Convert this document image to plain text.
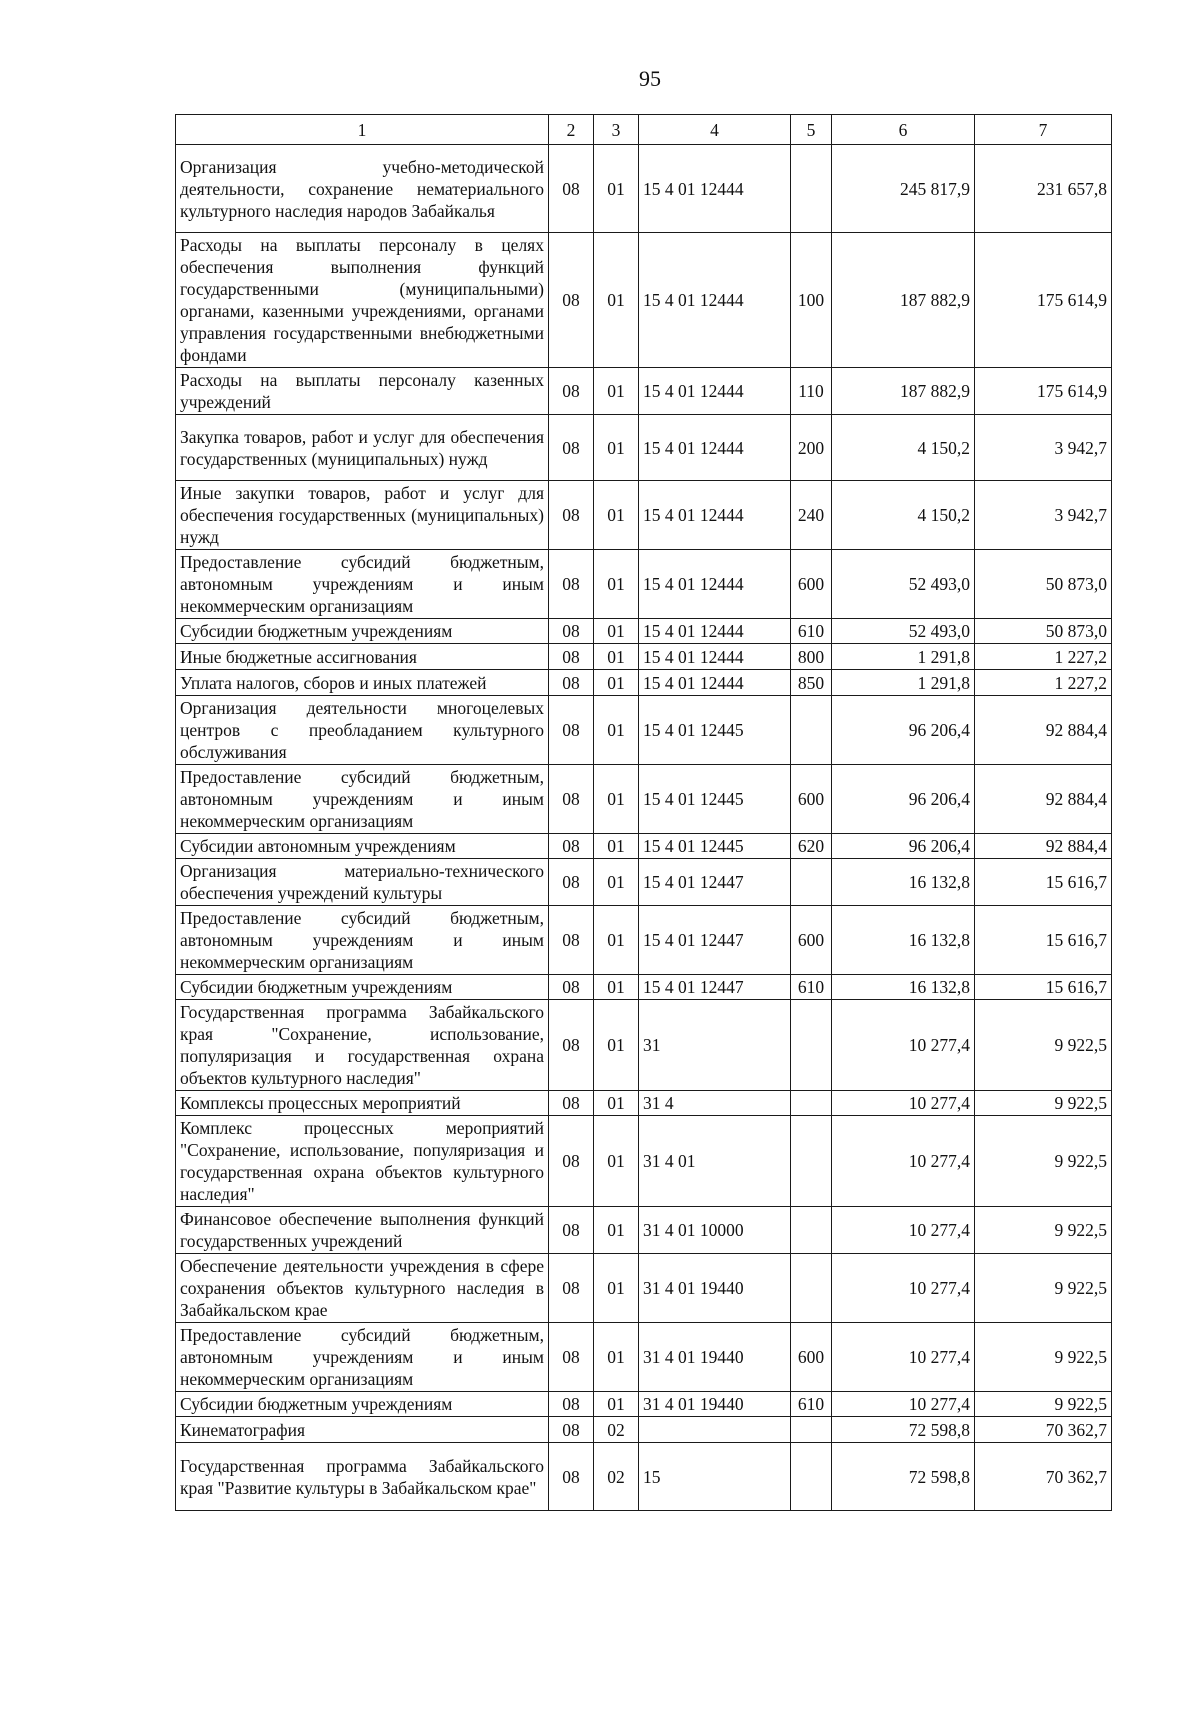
95
1	2	3	4	5	6	7
Организация учебно-методической деятельности, сохранение нематериального культурного наследия народов Забайкалья	08	01	15 4 01 12444		245 817,9	231 657,8
Расходы на выплаты персоналу в целях обеспечения выполнения функций государственными (муниципальными) органами, казенными учреждениями, органами управления государственными внебюджетными фондами	08	01	15 4 01 12444	100	187 882,9	175 614,9
Расходы на выплаты персоналу казенных учреждений	08	01	15 4 01 12444	110	187 882,9	175 614,9
Закупка товаров, работ и услуг для обеспечения государственных (муниципальных) нужд	08	01	15 4 01 12444	200	4 150,2	3 942,7
Иные закупки товаров, работ и услуг для обеспечения государственных (муниципальных) нужд	08	01	15 4 01 12444	240	4 150,2	3 942,7
Предоставление субсидий бюджетным, автономным учреждениям и иным некоммерческим организациям	08	01	15 4 01 12444	600	52 493,0	50 873,0
Субсидии бюджетным учреждениям	08	01	15 4 01 12444	610	52 493,0	50 873,0
Иные бюджетные ассигнования	08	01	15 4 01 12444	800	1 291,8	1 227,2
Уплата налогов, сборов и иных платежей	08	01	15 4 01 12444	850	1 291,8	1 227,2
Организация деятельности многоцелевых центров с преобладанием культурного обслуживания	08	01	15 4 01 12445		96 206,4	92 884,4
Предоставление субсидий бюджетным, автономным учреждениям и иным некоммерческим организациям	08	01	15 4 01 12445	600	96 206,4	92 884,4
Субсидии автономным учреждениям	08	01	15 4 01 12445	620	96 206,4	92 884,4
Организация материально-технического обеспечения учреждений культуры	08	01	15 4 01 12447		16 132,8	15 616,7
Предоставление субсидий бюджетным, автономным учреждениям и иным некоммерческим организациям	08	01	15 4 01 12447	600	16 132,8	15 616,7
Субсидии бюджетным учреждениям	08	01	15 4 01 12447	610	16 132,8	15 616,7
Государственная программа Забайкальского края "Сохранение, использование, популяризация и государственная охрана объектов культурного наследия"	08	01	31		10 277,4	9 922,5
Комплексы процессных мероприятий	08	01	31 4		10 277,4	9 922,5
Комплекс процессных мероприятий "Сохранение, использование, популяризация и государственная охрана объектов культурного наследия"	08	01	31 4 01		10 277,4	9 922,5
Финансовое обеспечение выполнения функций государственных учреждений	08	01	31 4 01 10000		10 277,4	9 922,5
Обеспечение деятельности учреждения в сфере сохранения объектов культурного наследия в Забайкальском крае	08	01	31 4 01 19440		10 277,4	9 922,5
Предоставление субсидий бюджетным, автономным учреждениям и иным некоммерческим организациям	08	01	31 4 01 19440	600	10 277,4	9 922,5
Субсидии бюджетным учреждениям	08	01	31 4 01 19440	610	10 277,4	9 922,5
Кинематография	08	02			72 598,8	70 362,7
Государственная программа Забайкальского края "Развитие культуры в Забайкальском крае"	08	02	15		72 598,8	70 362,7
